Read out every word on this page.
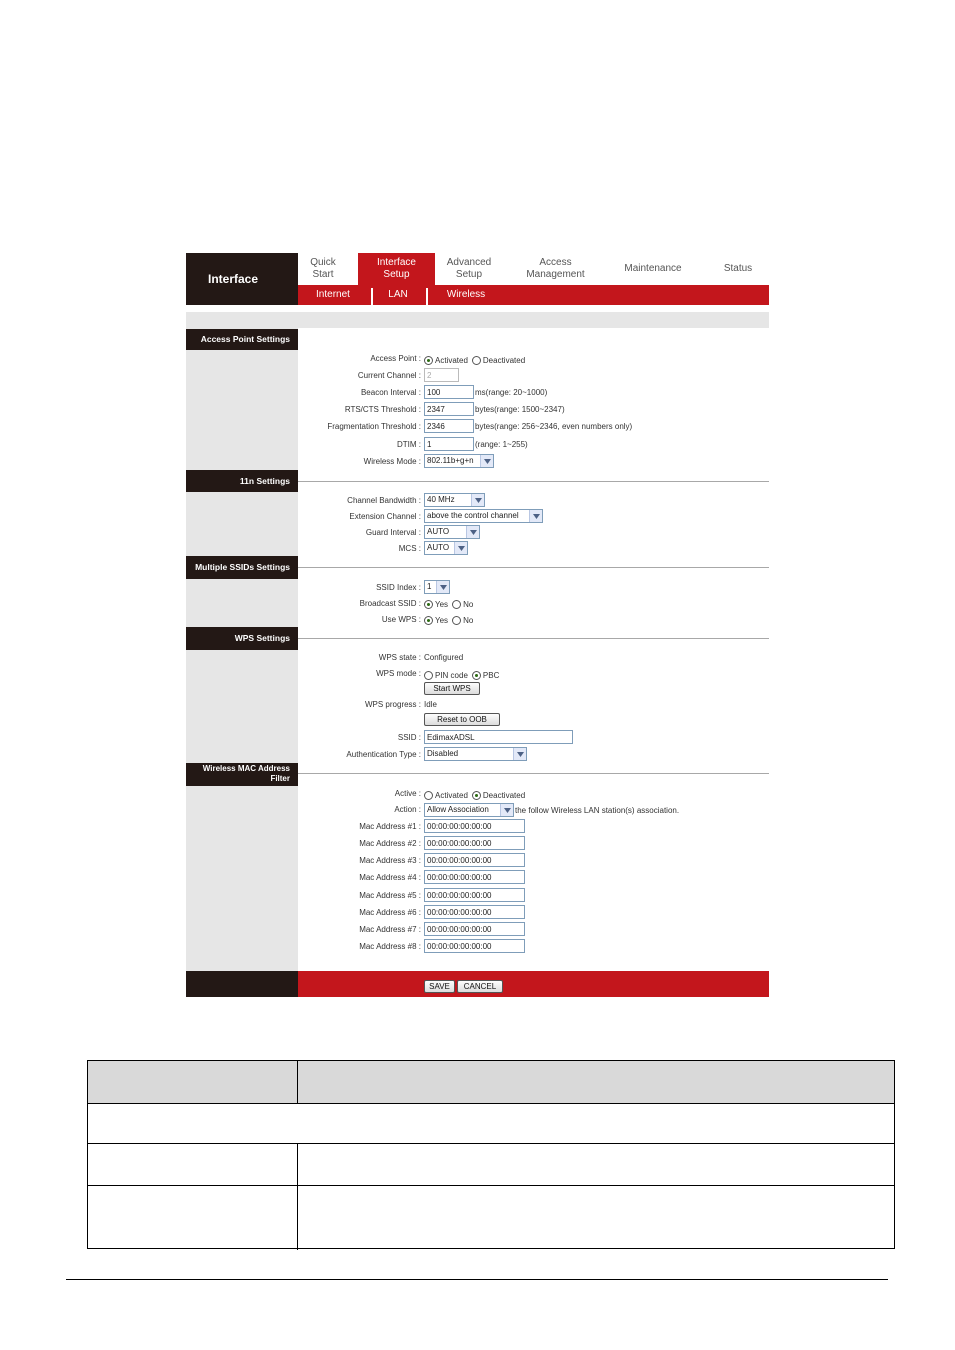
Interface
Quick
Start
Interface
Setup
Advanced
Setup
Access
Management
Maintenance	Status
Internet	LAN	Wireless
Access Point Settings
Access Point : Activated Deactivated
Current Channel : 2
Beacon Interval : 100	ms(range: 20~1000)
RTS/CTS Threshold : 2347	bytes(range: 1500~2347)
Fragmentation Threshold : 2346	bytes(range: 256~2346, even numbers only)
DTIM : 1	(range: 1~255)
Wireless Mode : 802.11b+g+n
11n Settings
Channel Bandwidth : 40 MHz
Extension Channel : above the control channel
Guard Interval : AUTO
MCS : AUTO
Multiple SSIDs Settings
SSID Index : 1
Broadcast SSID : Yes No
Use WPS : Yes No
WPS Settings
WPS state : Configured
WPS mode : PIN code PBC
Start WPS
WPS progress : Idle
Reset to OOB
SSID : EdimaxADSL
Authentication Type : Disabled
Wireless MAC Address
Filter
Active : Activated Deactivated
Action : Allow Association	the follow Wireless LAN station(s) association.
Mac Address #1 : 00:00:00:00:00:00
Mac Address #2 : 00:00:00:00:00:00
Mac Address #3 : 00:00:00:00:00:00
Mac Address #4 : 00:00:00:00:00:00
Mac Address #5 : 00:00:00:00:00:00
Mac Address #6 : 00:00:00:00:00:00
Mac Address #7 : 00:00:00:00:00:00
Mac Address #8 : 00:00:00:00:00:00
SAVE	CANCEL
